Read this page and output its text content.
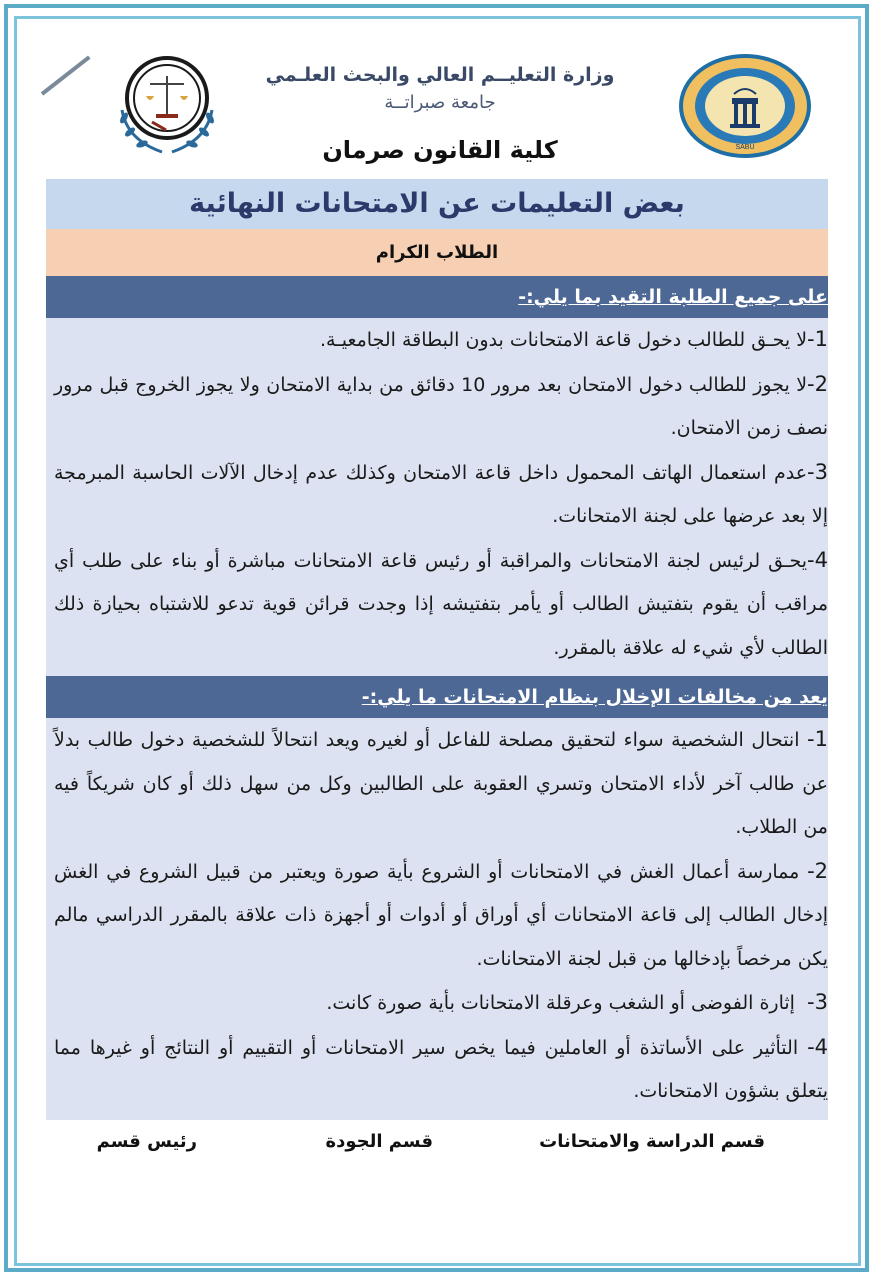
SABU
وزارة التعليــم العالي والبحث العلـمي
جامعة صبراتــة
كلية القانون صرمان
بعض التعليمات عن الامتحانات النهائية
الطلاب الكرام
على جميع الطلبة التقيد بما يلي:-
1-لا يحـق للطالب دخول قاعة الامتحانات بدون البطاقة الجامعيـة.
2-لا يجوز للطالب دخول الامتحان بعد مرور 10 دقائق من بداية الامتحان ولا يجوز الخروج قبل مرور نصف زمن الامتحان.
3-عدم استعمال الهاتف المحمول داخل قاعة الامتحان وكذلك عدم إدخال الآلات الحاسبة المبرمجة إلا بعد عرضها على لجنة الامتحانات.
4-يحـق لرئيس لجنة الامتحانات والمراقبة أو رئيس قاعة الامتحانات مباشرة أو بناء على طلب أي مراقب أن يقوم بتفتيش الطالب أو يأمر بتفتيشه إذا وجدت قرائن قوية تدعو للاشتباه بحيازة ذلك الطالب لأي شيء له علاقة بالمقرر.
يعد من مخالفات الإخلال بنظام الامتحانات ما يلي:-
1- انتحال الشخصية سواء لتحقيق مصلحة للفاعل أو لغيره ويعد انتحالاً للشخصية دخول طالب بدلاً عن طالب آخر لأداء الامتحان وتسري العقوبة على الطالبين وكل من سهل ذلك أو كان شريكاً فيه من الطلاب.
2- ممارسة أعمال الغش في الامتحانات أو الشروع بأية صورة ويعتبر من قبيل الشروع في الغش إدخال الطالب إلى قاعة الامتحانات أي أوراق أو أدوات أو أجهزة ذات علاقة بالمقرر الدراسي مالم يكن مرخصاً بإدخالها من قبل لجنة الامتحانات.
3-  إثارة الفوضى أو الشغب وعرقلة الامتحانات بأية صورة كانت.
4- التأثير على الأساتذة أو العاملين فيما يخص سير الامتحانات أو التقييم أو النتائج أو غيرها مما يتعلق بشؤون الامتحانات.
قسم الدراسة والامتحانات
قسم الجودة
رئيس قسم
